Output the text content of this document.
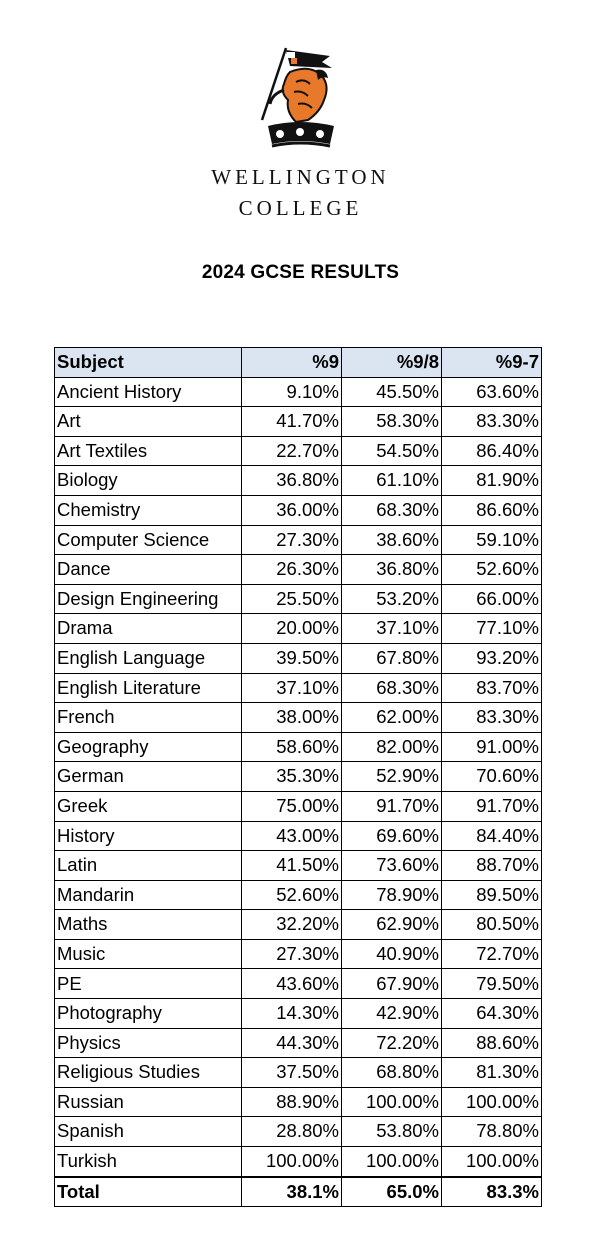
WELLINGTON
COLLEGE
2024 GCSE RESULTS
Subject	%9	%9/8	%9-7
Ancient History	9.10%	45.50%	63.60%
Art	41.70%	58.30%	83.30%
Art Textiles	22.70%	54.50%	86.40%
Biology	36.80%	61.10%	81.90%
Chemistry	36.00%	68.30%	86.60%
Computer Science	27.30%	38.60%	59.10%
Dance	26.30%	36.80%	52.60%
Design Engineering	25.50%	53.20%	66.00%
Drama	20.00%	37.10%	77.10%
English Language	39.50%	67.80%	93.20%
English Literature	37.10%	68.30%	83.70%
French	38.00%	62.00%	83.30%
Geography	58.60%	82.00%	91.00%
German	35.30%	52.90%	70.60%
Greek	75.00%	91.70%	91.70%
History	43.00%	69.60%	84.40%
Latin	41.50%	73.60%	88.70%
Mandarin	52.60%	78.90%	89.50%
Maths	32.20%	62.90%	80.50%
Music	27.30%	40.90%	72.70%
PE	43.60%	67.90%	79.50%
Photography	14.30%	42.90%	64.30%
Physics	44.30%	72.20%	88.60%
Religious Studies	37.50%	68.80%	81.30%
Russian	88.90%	100.00%	100.00%
Spanish	28.80%	53.80%	78.80%
Turkish	100.00%	100.00%	100.00%
Total	38.1%	65.0%	83.3%
